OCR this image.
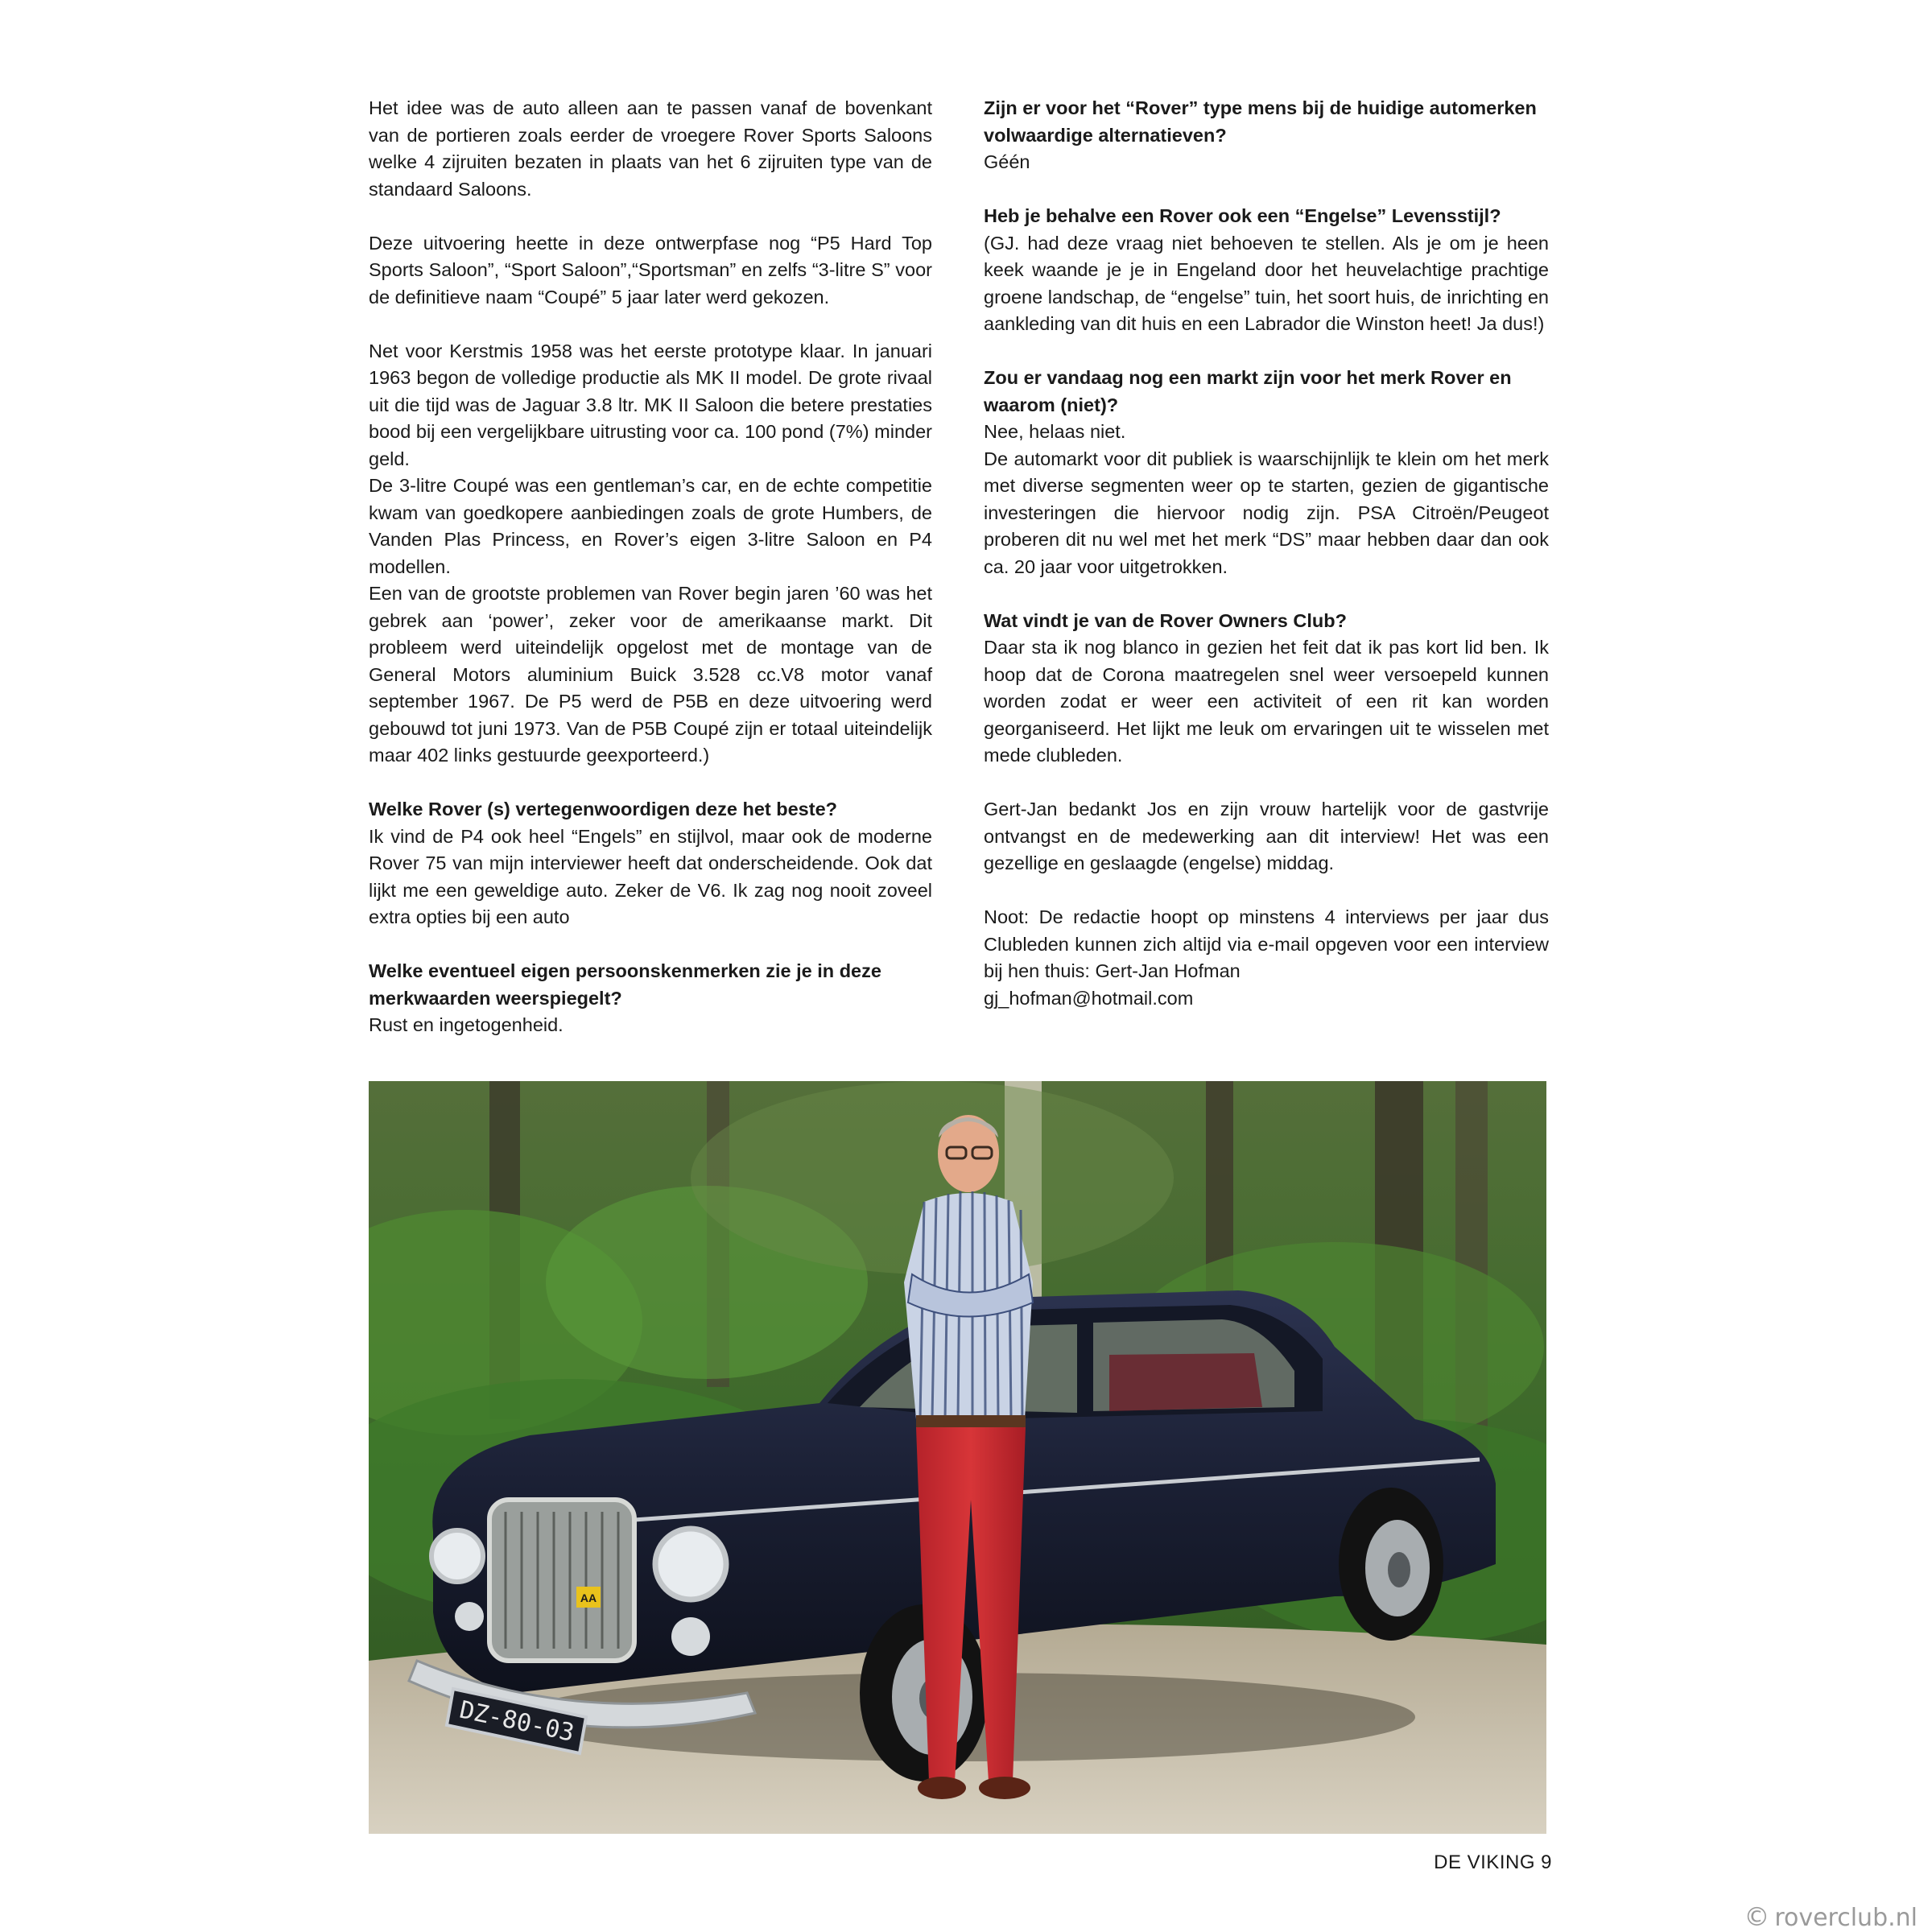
Het idee was de auto alleen aan te passen vanaf de bovenkant van de portieren zoals eerder de vroegere Rover Sports Saloons welke 4 zijruiten bezaten in plaats van het 6 zijruiten type van de standaard Saloons.

Deze uitvoering heette in deze ontwerpfase nog “P5 Hard Top Sports Saloon”, “Sport Saloon”,“Sportsman” en zelfs “3-litre S” voor de definitieve naam “Coupé” 5 jaar later werd gekozen.

Net voor Kerstmis 1958 was het eerste prototype klaar. In januari 1963 begon de volledige productie als MK II model. De grote rivaal uit die tijd was de Jaguar 3.8 ltr. MK II Saloon die betere prestaties bood bij een vergelijkbare uitrusting voor ca. 100 pond (7%) minder geld.

De 3-litre Coupé was een gentleman’s car, en de echte competitie kwam van goedkopere aanbiedingen zoals de grote Humbers, de Vanden Plas Princess, en Rover’s eigen 3-litre Saloon en P4 modellen.

Een van de grootste problemen van Rover begin jaren ’60 was het gebrek aan ‘power’, zeker voor de amerikaanse markt. Dit probleem werd uiteindelijk opgelost met de montage van de General Motors aluminium Buick 3.528 cc.V8 motor vanaf september 1967. De P5 werd de P5B en deze uitvoering werd gebouwd tot juni 1973. Van de P5B Coupé zijn er totaal uiteindelijk maar 402 links gestuurde geexporteerd.)

Welke Rover (s) vertegenwoordigen deze het beste?
Ik vind de P4 ook heel “Engels” en stijlvol, maar ook de moderne Rover 75 van mijn interviewer heeft dat onderscheidende. Ook dat lijkt me een geweldige auto. Zeker de V6. Ik zag nog nooit zoveel extra opties bij een auto

Welke eventueel eigen persoonskenmerken zie je in deze merkwaarden weerspiegelt?
Rust en ingetogenheid.

Zijn er voor het “Rover” type mens bij de huidige automerken volwaardige alternatieven?
Géén

Heb je behalve een Rover ook een “Engelse” Levensstijl?
(GJ. had deze vraag niet behoeven te stellen. Als je om je heen keek waande je je in Engeland door het heuvelachtige prachtige groene landschap, de “engelse” tuin, het soort huis, de inrichting en aankleding van dit huis en een Labrador die Winston heet! Ja dus!)

Zou er vandaag nog een markt zijn voor het merk Rover en waarom (niet)?
Nee, helaas niet.
De automarkt voor dit publiek is waarschijnlijk te klein om het merk met diverse segmenten weer op te starten, gezien de gigantische investeringen die hiervoor nodig zijn. PSA Citroën/Peugeot proberen dit nu wel met het merk “DS” maar hebben daar dan ook ca. 20 jaar voor uitgetrokken.

Wat vindt je van de Rover Owners Club?
Daar sta ik nog blanco in gezien het feit dat ik pas kort lid ben. Ik hoop dat de Corona maatregelen snel weer versoepeld kunnen worden zodat er weer een activiteit of een rit kan worden georganiseerd. Het lijkt me leuk om ervaringen uit te wisselen met mede clubleden.

Gert-Jan bedankt Jos en zijn vrouw hartelijk voor de gastvrije ontvangst en de medewerking aan dit interview! Het was een gezellige en geslaagde (engelse) middag.

Noot: De redactie hoopt op minstens 4 interviews per jaar dus Clubleden kunnen zich altijd via e-mail opgeven voor een interview bij hen thuis: Gert-Jan Hofman
gj_hofman@hotmail.com

AA
DZ-80-03
DE VIKING 9
© roverclub.nl
